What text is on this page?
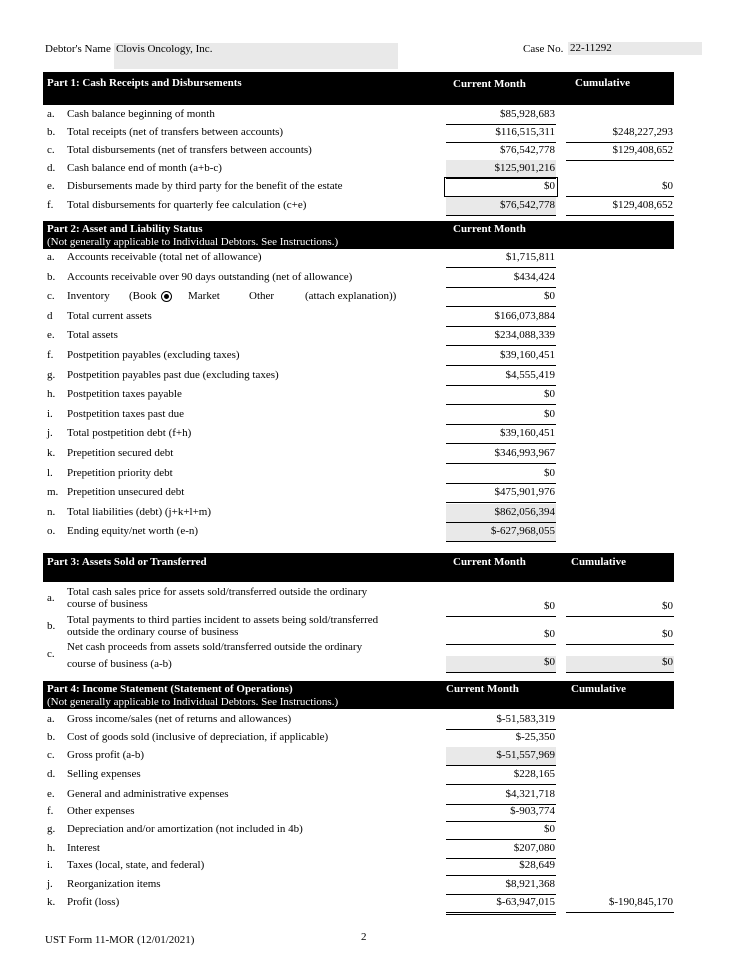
Debtor's Name Clovis Oncology, Inc.	Case No. 22-11292
Part 1: Cash Receipts and Disbursements	Current Month	Cumulative
a. Cash balance beginning of month	$85,928,683
b. Total receipts (net of transfers between accounts)	$116,515,311	$248,227,293
c. Total disbursements (net of transfers between accounts)	$76,542,778	$129,408,652
d. Cash balance end of month (a+b-c)	$125,901,216
e. Disbursements made by third party for the benefit of the estate	$0	$0
f. Total disbursements for quarterly fee calculation (c+e)	$76,542,778	$129,408,652
Part 2: Asset and Liability Status
(Not generally applicable to Individual Debtors. See Instructions.)
Current Month
a. Accounts receivable (total net of allowance)	$1,715,811
b. Accounts receivable over 90 days outstanding (net of allowance)	$434,424
c. Inventory (Book	Market	Other	(attach explanation))	$0
d Total current assets	$166,073,884
e. Total assets	$234,088,339
f. Postpetition payables (excluding taxes)	$39,160,451
g. Postpetition payables past due (excluding taxes)	$4,555,419
h. Postpetition taxes payable	$0
i. Postpetition taxes past due	$0
j. Total postpetition debt (f+h)	$39,160,451
k. Prepetition secured debt	$346,993,967
l. Prepetition priority debt	$0
m. Prepetition unsecured debt	$475,901,976
n. Total liabilities (debt) (j+k+l+m)	$862,056,394
o. Ending equity/net worth (e-n)	$-627,968,055
Part 3: Assets Sold or Transferred	Current Month	Cumulative
a. Total cash sales price for assets sold/transferred outside the ordinary
course of business	$0	$0
b. Total payments to third parties incident to assets being sold/transferred
outside the ordinary course of business	$0	$0
c.
Net cash proceeds from assets sold/transferred outside the ordinary
course of business (a-b)	$0	$0
Part 4: Income Statement (Statement of Operations)
(Not generally applicable to Individual Debtors. See Instructions.)
Current Month	Cumulative
a. Gross income/sales (net of returns and allowances)	$-51,583,319
b. Cost of goods sold (inclusive of depreciation, if applicable)	$-25,350
c. Gross profit (a-b)	$-51,557,969
d. Selling expenses	$228,165
e. General and administrative expenses	$4,321,718
f. Other expenses	$-903,774
g. Depreciation and/or amortization (not included in 4b)	$0
h. Interest	$207,080
i. Taxes (local, state, and federal)	$28,649
j. Reorganization items	$8,921,368
k. Profit (loss)	$-63,947,015	$-190,845,170
UST Form 11-MOR (12/01/2021)	2
